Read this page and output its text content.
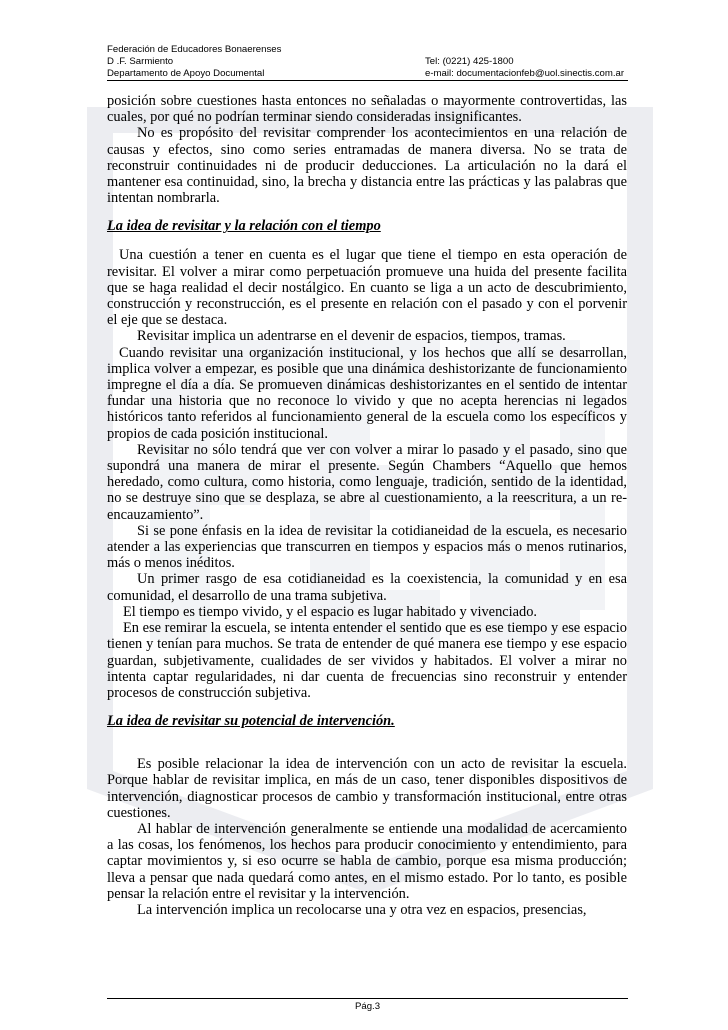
Federación de Educadores Bonaerenses
D .F. Sarmiento	Tel: (0221) 425-1800
Departamento de Apoyo Documental	e-mail: documentacionfeb@uol.sinectis.com.ar

posición sobre cuestiones hasta entonces no señaladas o mayormente controvertidas, las cuales, por qué no podrían terminar siendo consideradas insignificantes.

No es propósito del revisitar comprender los acontecimientos en una relación de causas y efectos, sino como series entramadas de manera diversa. No se trata de reconstruir continuidades ni de producir deducciones. La articulación no la dará el mantener esa continuidad, sino, la brecha y distancia entre las prácticas y las palabras que intentan nombrarla.

La idea de revisitar y la relación con el tiempo

Una cuestión a tener en cuenta es el lugar que tiene el tiempo en esta operación de revisitar. El volver a mirar como perpetuación promueve una huida del presente facilita que se haga realidad el decir nostálgico. En cuanto se liga a un acto de descubrimiento, construcción y reconstrucción, es el presente en relación con el pasado y con el porvenir el eje que se destaca.

Revisitar implica un adentrarse en el devenir de espacios, tiempos, tramas.

Cuando revisitar una organización institucional, y los hechos que allí se desarrollan, implica volver a empezar, es posible que una dinámica deshistorizante de funcionamiento impregne el día a día. Se promueven dinámicas deshistorizantes en el sentido de intentar fundar una historia que no reconoce lo vivido y que no acepta herencias ni legados históricos tanto referidos al funcionamiento general de la escuela como los específicos y propios de cada posición institucional.

Revisitar no sólo tendrá que ver con volver a mirar lo pasado y el pasado, sino que supondrá una manera de mirar el presente. Según Chambers “Aquello que hemos heredado, como cultura, como historia, como lenguaje, tradición, sentido de la identidad, no se destruye sino que se desplaza, se abre al cuestionamiento, a la reescritura, a un re-encauzamiento”.

Si se pone énfasis en la idea de revisitar la cotidianeidad de la escuela, es necesario atender a las experiencias que transcurren en tiempos y espacios más o menos rutinarios, más o menos inéditos.

Un primer rasgo de esa cotidianeidad es la coexistencia, la comunidad y en esa comunidad, el desarrollo de una trama subjetiva.

El tiempo es tiempo vivido, y el espacio es lugar habitado y vivenciado.

En ese remirar la escuela, se intenta entender el sentido que es ese tiempo y ese espacio tienen y tenían para muchos. Se trata de entender de qué manera ese tiempo y ese espacio guardan, subjetivamente, cualidades de ser vividos y habitados. El volver a mirar no intenta captar regularidades, ni dar cuenta de frecuencias sino reconstruir y entender procesos de construcción subjetiva.

La idea de revisitar su potencial de intervención.

Es posible relacionar la idea de intervención con un acto de revisitar la escuela. Porque hablar de revisitar implica, en más de un caso, tener disponibles dispositivos de intervención, diagnosticar procesos de cambio y transformación institucional, entre otras cuestiones.

Al hablar de intervención generalmente se entiende una modalidad de acercamiento a las cosas, los fenómenos, los hechos para producir conocimiento y entendimiento, para captar movimientos y, si eso ocurre se habla de cambio, porque esa misma producción; lleva a pensar que nada quedará como antes, en el mismo estado. Por lo tanto, es posible pensar la relación entre el revisitar y la intervención.

La intervención implica un recolocarse una y otra vez en espacios, presencias,

Pág.3
